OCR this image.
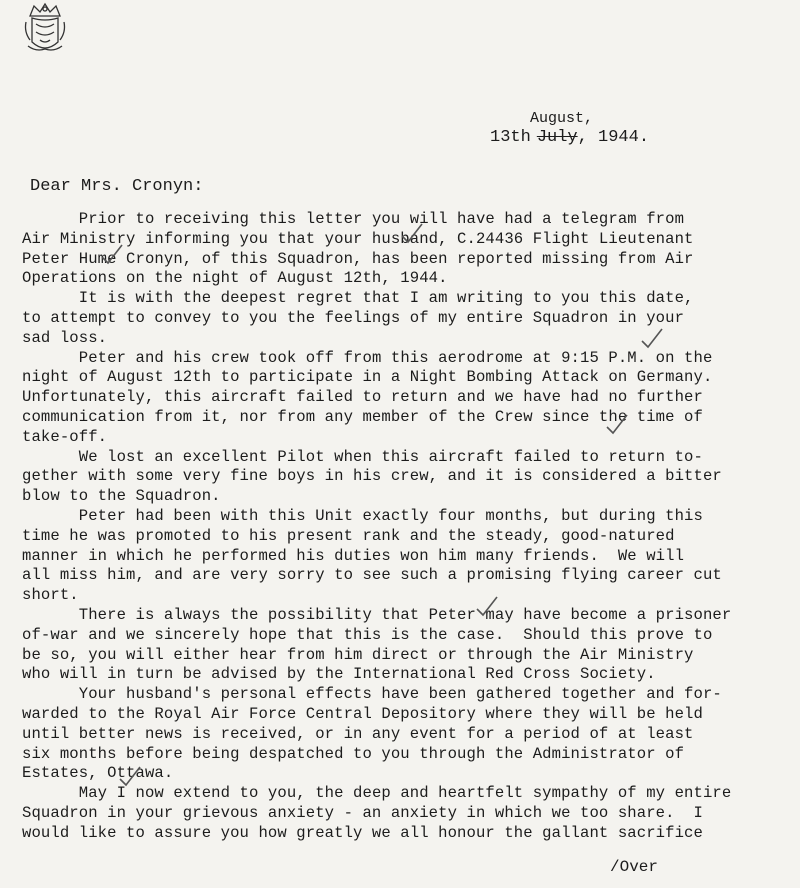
August,
13th July , 1944.
Dear Mrs. Cronyn:

Prior to receiving this letter you will have had a telegram from
Air Ministry informing you that your husband, C.24436 Flight Lieutenant
Peter Hume Cronyn, of this Squadron, has been reported missing from Air
Operations on the night of August 12th, 1944.

It is with the deepest regret that I am writing to you this date,
to attempt to convey to you the feelings of my entire Squadron in your
sad loss.

Peter and his crew took off from this aerodrome at 9:15 P.M. on the
night of August 12th to participate in a Night Bombing Attack on Germany.
Unfortunately, this aircraft failed to return and we have had no further
communication from it, nor from any member of the Crew since the time of
take-off.

We lost an excellent Pilot when this aircraft failed to return to-
gether with some very fine boys in his crew, and it is considered a bitter
blow to the Squadron.

Peter had been with this Unit exactly four months, but during this
time he was promoted to his present rank and the steady, good-natured
manner in which he performed his duties won him many friends.  We will
all miss him, and are very sorry to see such a promising flying career cut
short.

There is always the possibility that Peter may have become a prisoner
of-war and we sincerely hope that this is the case.  Should this prove to
be so, you will either hear from him direct or through the Air Ministry
who will in turn be advised by the International Red Cross Society.

Your husband's personal effects have been gathered together and for-
warded to the Royal Air Force Central Depository where they will be held
until better news is received, or in any event for a period of at least
six months before being despatched to you through the Administrator of
Estates, Ottawa.

May I now extend to you, the deep and heartfelt sympathy of my entire
Squadron in your grievous anxiety - an anxiety in which we too share.  I
would like to assure you how greatly we all honour the gallant sacrifice

/Over
